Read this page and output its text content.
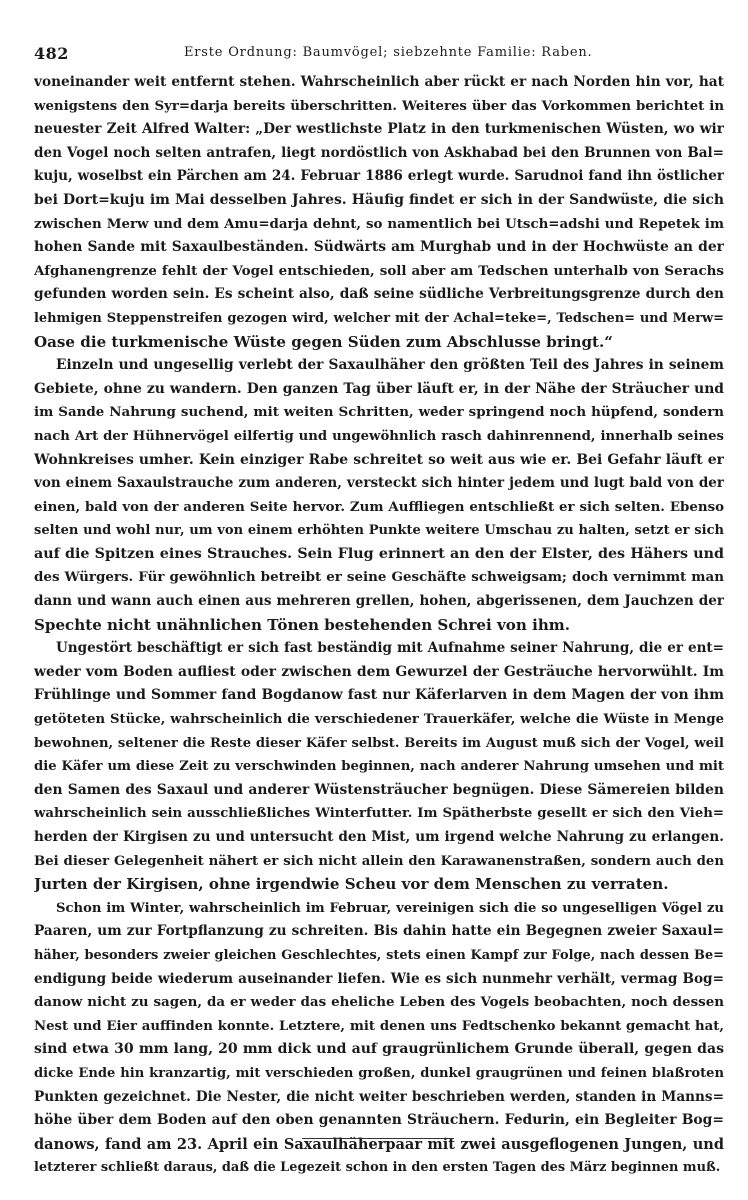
482	Erste Ordnung: Baumvögel; siebzehnte Familie: Raben.
voneinander weit entfernt stehen. Wahrscheinlich aber rückt er nach Norden hin vor, hat
wenigstens den Syr=darja bereits überschritten. Weiteres über das Vorkommen berichtet in
neuester Zeit Alfred Walter: „Der westlichste Platz in den turkmenischen Wüsten, wo wir
den Vogel noch selten antrafen, liegt nordöstlich von Askhabad bei den Brunnen von Bal=
kuju, woselbst ein Pärchen am 24. Februar 1886 erlegt wurde. Sarudnoi fand ihn östlicher
bei Dort=kuju im Mai desselben Jahres. Häufig findet er sich in der Sandwüste, die sich
zwischen Merw und dem Amu=darja dehnt, so namentlich bei Utsch=adshi und Repetek im
hohen Sande mit Saxaulbeständen. Südwärts am Murghab und in der Hochwüste an der
Afghanengrenze fehlt der Vogel entschieden, soll aber am Tedschen unterhalb von Serachs
gefunden worden sein. Es scheint also, daß seine südliche Verbreitungsgrenze durch den
lehmigen Steppenstreifen gezogen wird, welcher mit der Achal=teke=, Tedschen= und Merw=
Oase die turkmenische Wüste gegen Süden zum Abschlusse bringt.“
Einzeln und ungesellig verlebt der Saxaulhäher den größten Teil des Jahres in seinem
Gebiete, ohne zu wandern. Den ganzen Tag über läuft er, in der Nähe der Sträucher und
im Sande Nahrung suchend, mit weiten Schritten, weder springend noch hüpfend, sondern
nach Art der Hühnervögel eilfertig und ungewöhnlich rasch dahinrennend, innerhalb seines
Wohnkreises umher. Kein einziger Rabe schreitet so weit aus wie er. Bei Gefahr läuft er
von einem Saxaulstrauche zum anderen, versteckt sich hinter jedem und lugt bald von der
einen, bald von der anderen Seite hervor. Zum Auffliegen entschließt er sich selten. Ebenso
selten und wohl nur, um von einem erhöhten Punkte weitere Umschau zu halten, setzt er sich
auf die Spitzen eines Strauches. Sein Flug erinnert an den der Elster, des Hähers und
des Würgers. Für gewöhnlich betreibt er seine Geschäfte schweigsam; doch vernimmt man
dann und wann auch einen aus mehreren grellen, hohen, abgerissenen, dem Jauchzen der
Spechte nicht unähnlichen Tönen bestehenden Schrei von ihm.
Ungestört beschäftigt er sich fast beständig mit Aufnahme seiner Nahrung, die er ent=
weder vom Boden aufliest oder zwischen dem Gewurzel der Gesträuche hervorwühlt. Im
Frühlinge und Sommer fand Bogdanow fast nur Käferlarven in dem Magen der von ihm
getöteten Stücke, wahrscheinlich die verschiedener Trauerkäfer, welche die Wüste in Menge
bewohnen, seltener die Reste dieser Käfer selbst. Bereits im August muß sich der Vogel, weil
die Käfer um diese Zeit zu verschwinden beginnen, nach anderer Nahrung umsehen und mit
den Samen des Saxaul und anderer Wüstensträucher begnügen. Diese Sämereien bilden
wahrscheinlich sein ausschließliches Winterfutter. Im Spätherbste gesellt er sich den Vieh=
herden der Kirgisen zu und untersucht den Mist, um irgend welche Nahrung zu erlangen.
Bei dieser Gelegenheit nähert er sich nicht allein den Karawanenstraßen, sondern auch den
Jurten der Kirgisen, ohne irgendwie Scheu vor dem Menschen zu verraten.
Schon im Winter, wahrscheinlich im Februar, vereinigen sich die so ungeselligen Vögel zu
Paaren, um zur Fortpflanzung zu schreiten. Bis dahin hatte ein Begegnen zweier Saxaul=
häher, besonders zweier gleichen Geschlechtes, stets einen Kampf zur Folge, nach dessen Be=
endigung beide wiederum auseinander liefen. Wie es sich nunmehr verhält, vermag Bog=
danow nicht zu sagen, da er weder das eheliche Leben des Vogels beobachten, noch dessen
Nest und Eier auffinden konnte. Letztere, mit denen uns Fedtschenko bekannt gemacht hat,
sind etwa 30 mm lang, 20 mm dick und auf graugrünlichem Grunde überall, gegen das
dicke Ende hin kranzartig, mit verschieden großen, dunkel graugrünen und feinen blaßroten
Punkten gezeichnet. Die Nester, die nicht weiter beschrieben werden, standen in Manns=
höhe über dem Boden auf den oben genannten Sträuchern. Fedurin, ein Begleiter Bog=
danows, fand am 23. April ein Saxaulhäherpaar mit zwei ausgeflogenen Jungen, und
letzterer schließt daraus, daß die Legezeit schon in den ersten Tagen des März beginnen muß.
